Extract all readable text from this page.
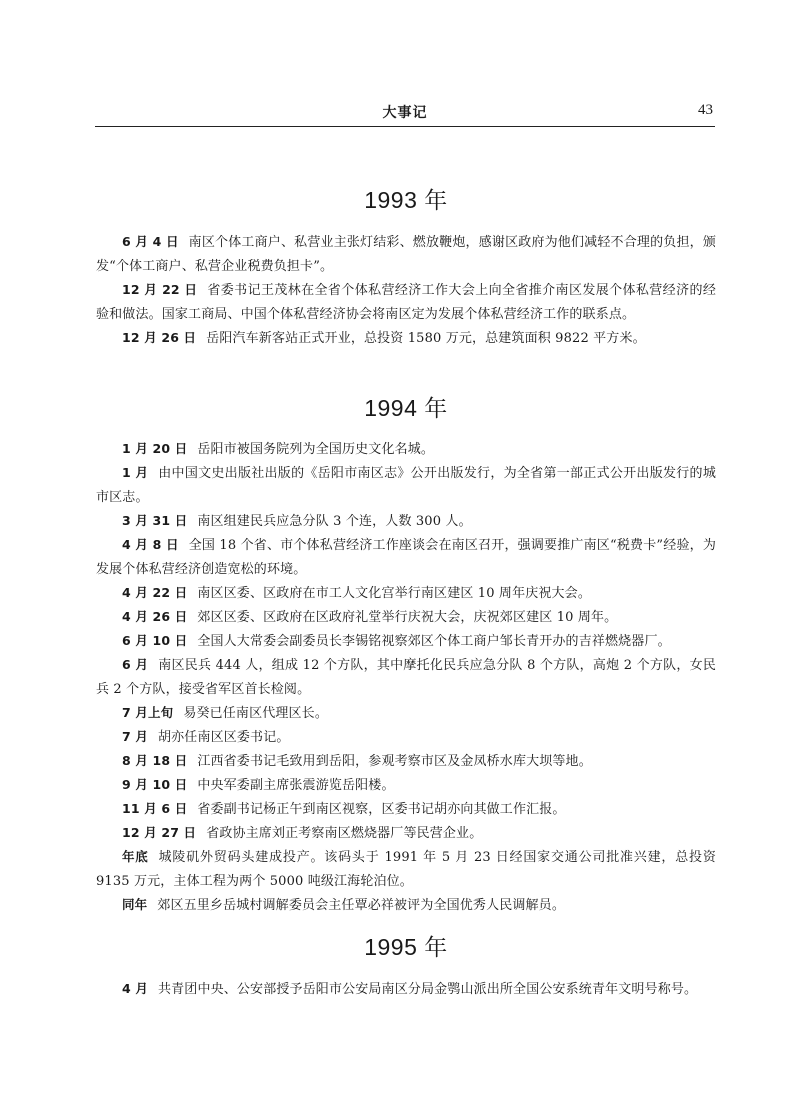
大事记	43
1993 年

6 月 4 日 南区个体工商户、私营业主张灯结彩、燃放鞭炮，感谢区政府为他们减轻不合理的负担，颁发“个体工商户、私营企业税费负担卡”。

12 月 22 日 省委书记王茂林在全省个体私营经济工作大会上向全省推介南区发展个体私营经济的经验和做法。国家工商局、中国个体私营经济协会将南区定为发展个体私营经济工作的联系点。

12 月 26 日 岳阳汽车新客站正式开业，总投资 1580 万元，总建筑面积 9822 平方米。

1994 年

1 月 20 日 岳阳市被国务院列为全国历史文化名城。

1 月 由中国文史出版社出版的《岳阳市南区志》公开出版发行，为全省第一部正式公开出版发行的城市区志。

3 月 31 日 南区组建民兵应急分队 3 个连，人数 300 人。

4 月 8 日 全国 18 个省、市个体私营经济工作座谈会在南区召开，强调要推广南区“税费卡”经验，为发展个体私营经济创造宽松的环境。

4 月 22 日 南区区委、区政府在市工人文化宫举行南区建区 10 周年庆祝大会。

4 月 26 日 郊区区委、区政府在区政府礼堂举行庆祝大会，庆祝郊区建区 10 周年。

6 月 10 日 全国人大常委会副委员长李锡铭视察郊区个体工商户邹长青开办的吉祥燃烧器厂。

6 月 南区民兵 444 人，组成 12 个方队，其中摩托化民兵应急分队 8 个方队，高炮 2 个方队，女民兵 2 个方队，接受省军区首长检阅。

7 月上旬 易癸已任南区代理区长。

7 月 胡亦任南区区委书记。

8 月 18 日 江西省委书记毛致用到岳阳，参观考察市区及金凤桥水库大坝等地。

9 月 10 日 中央军委副主席张震游览岳阳楼。

11 月 6 日 省委副书记杨正午到南区视察，区委书记胡亦向其做工作汇报。

12 月 27 日 省政协主席刘正考察南区燃烧器厂等民营企业。

年底 城陵矶外贸码头建成投产。该码头于 1991 年 5 月 23 日经国家交通公司批准兴建，总投资 9135 万元，主体工程为两个 5000 吨级江海轮泊位。

同年 郊区五里乡岳城村调解委员会主任覃必祥被评为全国优秀人民调解员。

1995 年

4 月 共青团中央、公安部授予岳阳市公安局南区分局金鹗山派出所全国公安系统青年文明号称号。
